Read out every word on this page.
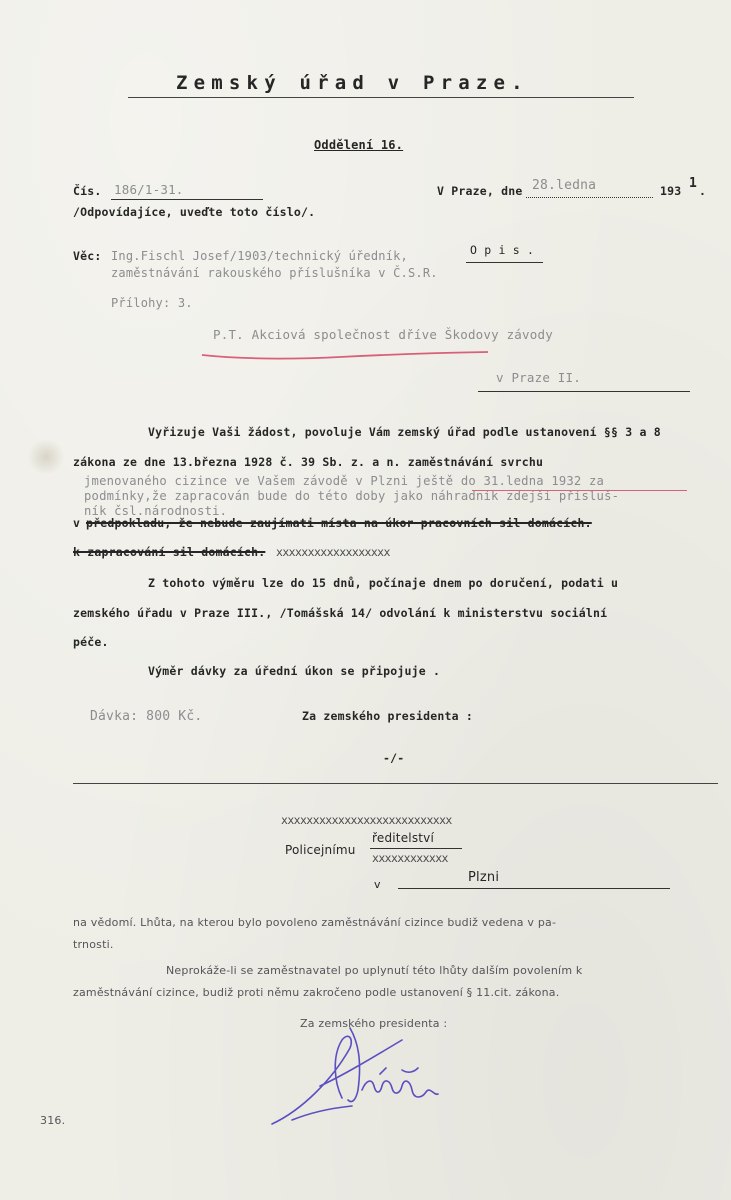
Zemský úřad v Praze.
Oddělení 16.
Čís. 186/1-31.
/Odpovídajíce, uveďte toto číslo/.
V Praze, dne 28.ledna	193 1 .
Věc: Ing.Fischl Josef/1903/technický úředník,	O p i s .
zaměstnávání rakouského příslušníka v Č.S.R.
Přílohy: 3.
P.T. Akciová společnost dříve Škodovy závody
v Praze II.
Vyřizuje Vaši žádost, povoluje Vám zemský úřad podle ustanovení §§ 3 a 8
zákona ze dne 13.března 1928 č. 39 Sb. z. a n. zaměstnávání svrchu
jmenovaného cizince ve Vašem závodě v Plzni ještě do 31.ledna 1932 za
podmínky,že zapracován bude do této doby jako náhradník zdejší přísluš-
ník čsl.národnosti.
v předpokladu, že nebude zaujímati místa na úkor pracovních sil domácích.
k zapracování sil domácích. xxxxxxxxxxxxxxxxxx
Z tohoto výměru lze do 15 dnů, počínaje dnem po doručení, podati u
zemského úřadu v Praze III., /Tomášská 14/ odvolání k ministerstvu sociální
péče.
Výměr dávky za úřední úkon se připojuje .
Dávka: 800 Kč.	Za zemského presidenta :
-/-
xxxxxxxxxxxxxxxxxxxxxxxxxxx
Policejnímu
ředitelství
xxxxxxxxxxxx
v	Plzni
na vědomí. Lhůta, na kterou bylo povoleno zaměstnávání cizince budiž vedena v pa-
trnosti.
Neprokáže-li se zaměstnavatel po uplynutí této lhůty dalším povolením k
zaměstnávání cizince, budiž proti němu zakročeno podle ustanovení § 11.cit. zákona.
Za zemského presidenta :
316.
